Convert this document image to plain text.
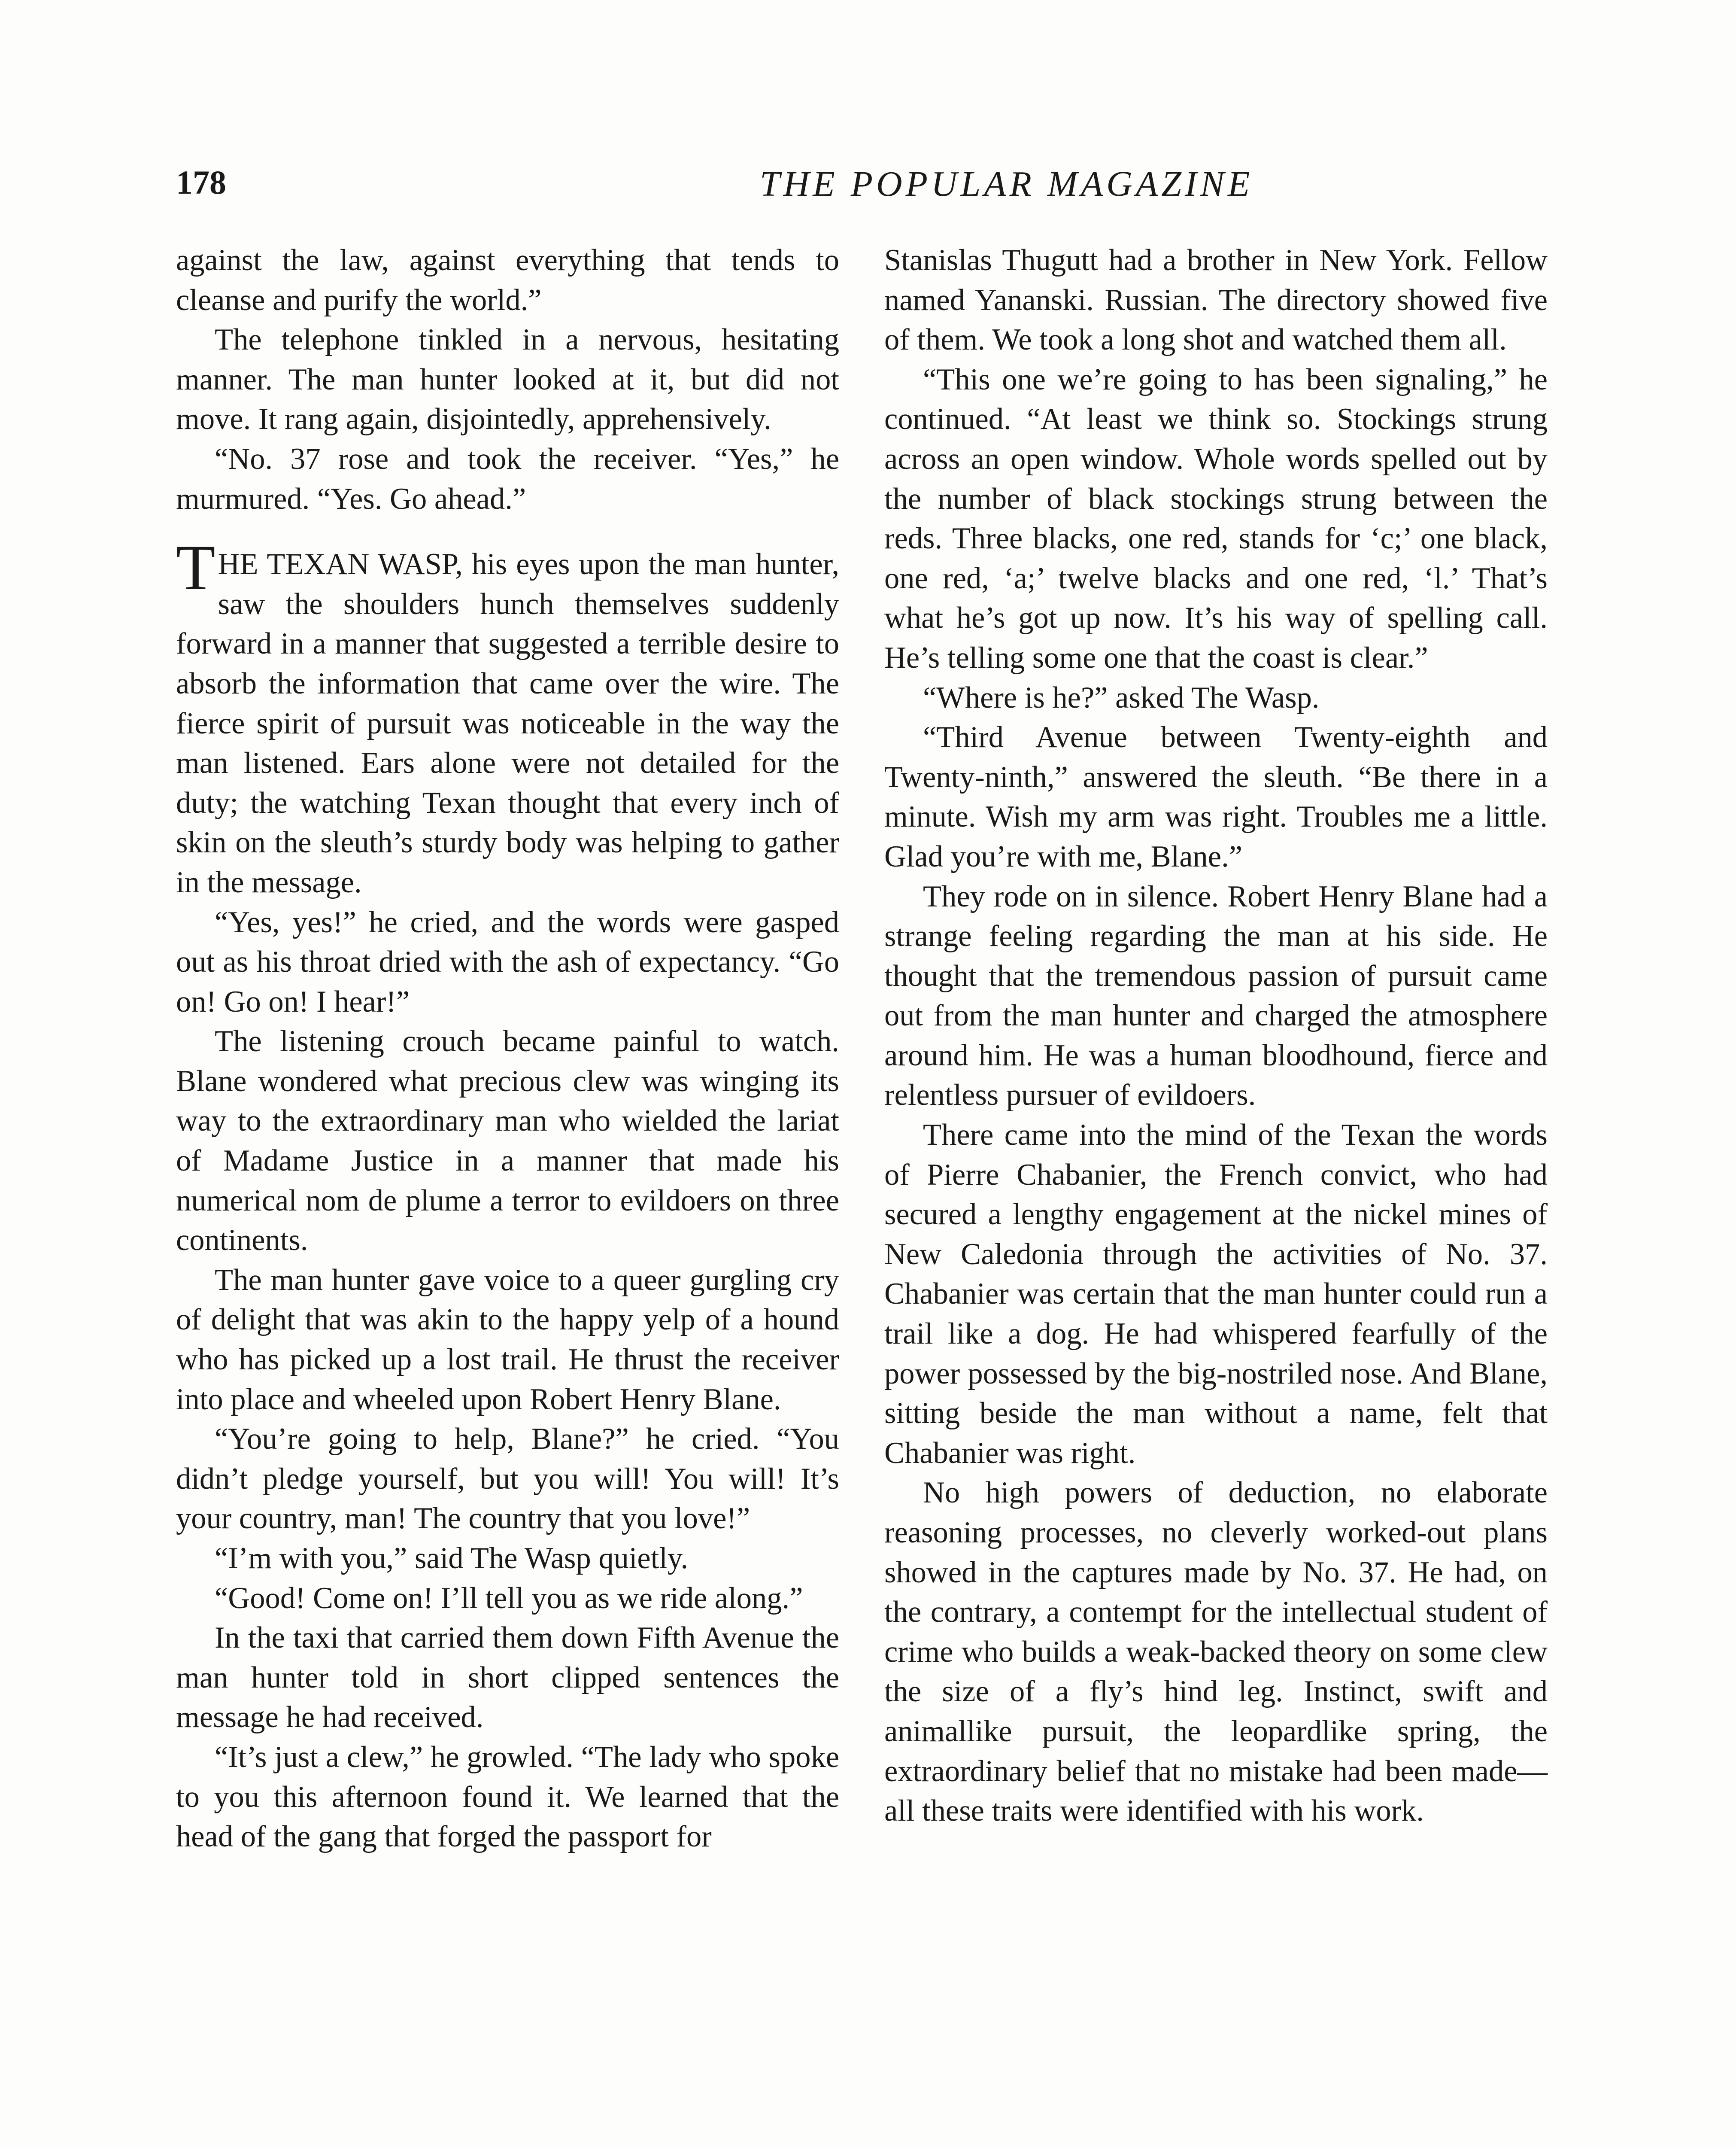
178	THE POPULAR MAGAZINE

against the law, against everything that tends to cleanse and purify the world.”

The telephone tinkled in a nervous, hesitating manner. The man hunter looked at it, but did not move. It rang again, disjointedly, apprehensively.

“No. 37 rose and took the receiver. “Yes,” he murmured. “Yes. Go ahead.”

THE TEXAN WASP, his eyes upon the man hunter, saw the shoulders hunch themselves suddenly forward in a manner that suggested a terrible desire to absorb the information that came over the wire. The fierce spirit of pursuit was noticeable in the way the man listened. Ears alone were not detailed for the duty; the watching Texan thought that every inch of skin on the sleuth’s sturdy body was helping to gather in the message.

“Yes, yes!” he cried, and the words were gasped out as his throat dried with the ash of expectancy. “Go on! Go on! I hear!”

The listening crouch became painful to watch. Blane wondered what precious clew was winging its way to the extraordinary man who wielded the lariat of Madame Justice in a manner that made his numerical nom de plume a terror to evildoers on three continents.

The man hunter gave voice to a queer gurgling cry of delight that was akin to the happy yelp of a hound who has picked up a lost trail. He thrust the receiver into place and wheeled upon Robert Henry Blane.

“You’re going to help, Blane?” he cried. “You didn’t pledge yourself, but you will! You will! It’s your country, man! The country that you love!”

“I’m with you,” said The Wasp quietly.

“Good! Come on! I’ll tell you as we ride along.”

In the taxi that carried them down Fifth Avenue the man hunter told in short clipped sentences the message he had received.

“It’s just a clew,” he growled. “The lady who spoke to you this afternoon found it. We learned that the head of the gang that forged the passport for

Stanislas Thugutt had a brother in New York. Fellow named Yananski. Russian. The directory showed five of them. We took a long shot and watched them all.

“This one we’re going to has been signaling,” he continued. “At least we think so. Stockings strung across an open window. Whole words spelled out by the number of black stockings strung between the reds. Three blacks, one red, stands for ‘c;’ one black, one red, ‘a;’ twelve blacks and one red, ‘l.’ That’s what he’s got up now. It’s his way of spelling call. He’s telling some one that the coast is clear.”

“Where is he?” asked The Wasp.

“Third Avenue between Twenty-eighth and Twenty-ninth,” answered the sleuth. “Be there in a minute. Wish my arm was right. Troubles me a little. Glad you’re with me, Blane.”

They rode on in silence. Robert Henry Blane had a strange feeling regarding the man at his side. He thought that the tremendous passion of pursuit came out from the man hunter and charged the atmosphere around him. He was a human bloodhound, fierce and relentless pursuer of evildoers.

There came into the mind of the Texan the words of Pierre Chabanier, the French convict, who had secured a lengthy engagement at the nickel mines of New Caledonia through the activities of No. 37. Chabanier was certain that the man hunter could run a trail like a dog. He had whispered fearfully of the power possessed by the big-nostriled nose. And Blane, sitting beside the man without a name, felt that Chabanier was right.

No high powers of deduction, no elaborate reasoning processes, no cleverly worked-out plans showed in the captures made by No. 37. He had, on the contrary, a contempt for the intellectual student of crime who builds a weak-backed theory on some clew the size of a fly’s hind leg. Instinct, swift and animallike pursuit, the leopardlike spring, the extraordinary belief that no mistake had been made—all these traits were identified with his work.
